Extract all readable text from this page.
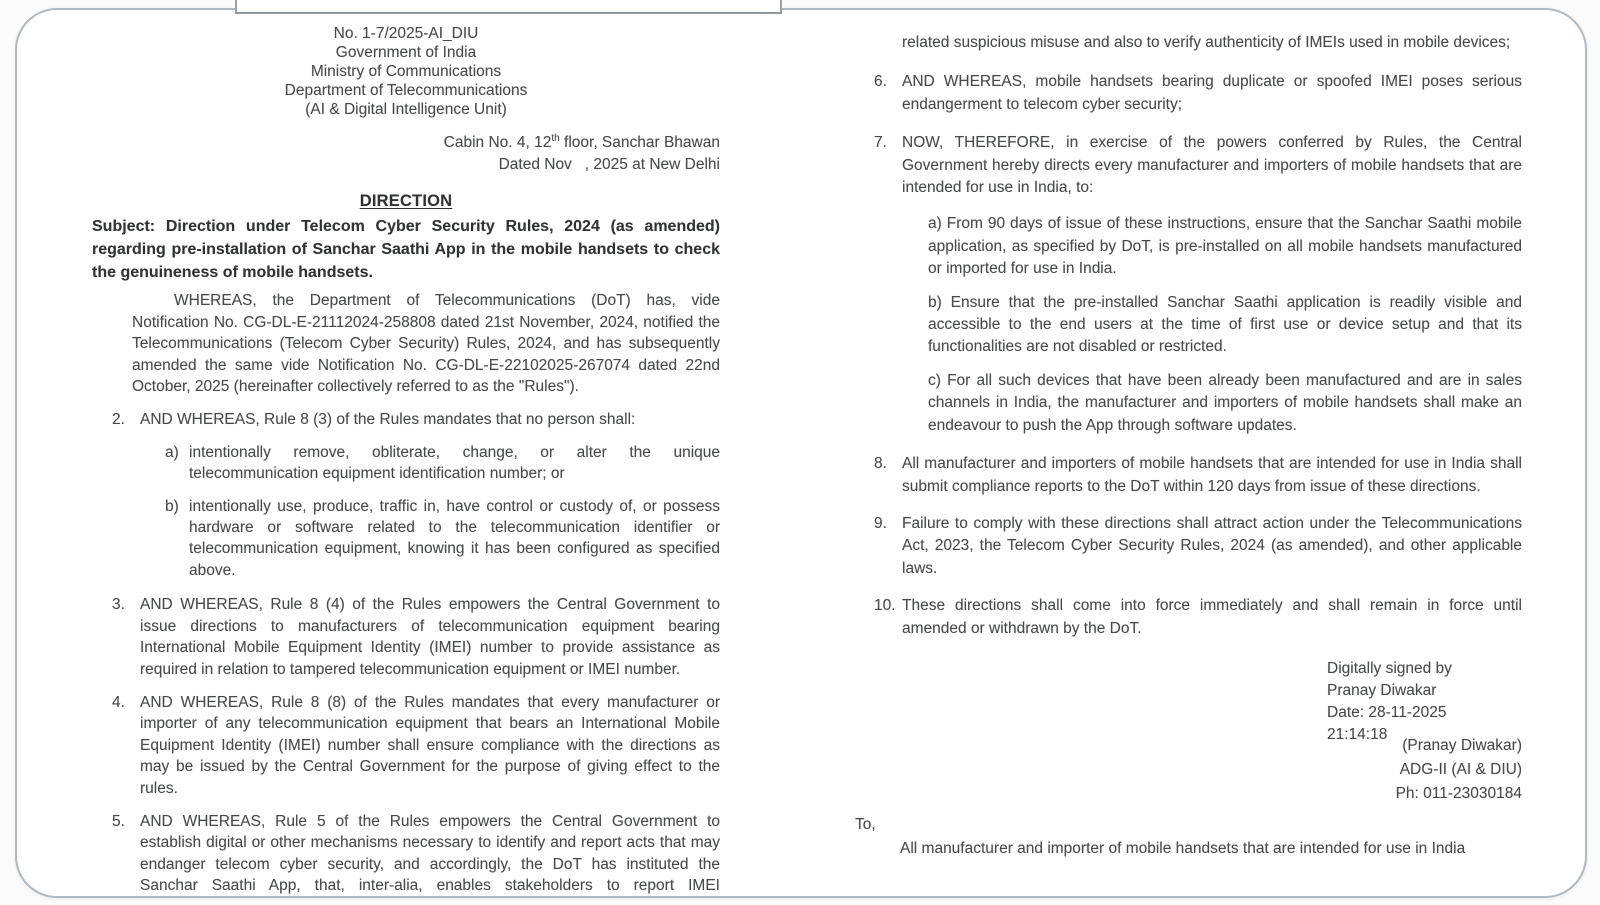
No. 1-7/2025-AI_DIU
Government of India
Ministry of Communications
Department of Telecommunications
(AI & Digital Intelligence Unit)
Cabin No. 4, 12th floor, Sanchar Bhawan
Dated Nov   , 2025 at New Delhi
DIRECTION
Subject: Direction under Telecom Cyber Security Rules, 2024 (as amended) regarding pre-installation of Sanchar Saathi App in the mobile handsets to check the genuineness of mobile handsets.
WHEREAS, the Department of Telecommunications (DoT) has, vide Notification No. CG-DL-E-21112024-258808 dated 21st November, 2024, notified the Telecommunications (Telecom Cyber Security) Rules, 2024, and has subsequently amended the same vide Notification No. CG-DL-E-22102025-267074 dated 22nd October, 2025 (hereinafter collectively referred to as the "Rules").
2. AND WHEREAS, Rule 8 (3) of the Rules mandates that no person shall:
a) intentionally remove, obliterate, change, or alter the unique telecommunication equipment identification number; or
b) intentionally use, produce, traffic in, have control or custody of, or possess hardware or software related to the telecommunication identifier or telecommunication equipment, knowing it has been configured as specified above.
3. AND WHEREAS, Rule 8 (4) of the Rules empowers the Central Government to issue directions to manufacturers of telecommunication equipment bearing International Mobile Equipment Identity (IMEI) number to provide assistance as required in relation to tampered telecommunication equipment or IMEI number.
4. AND WHEREAS, Rule 8 (8) of the Rules mandates that every manufacturer or importer of any telecommunication equipment that bears an International Mobile Equipment Identity (IMEI) number shall ensure compliance with the directions as may be issued by the Central Government for the purpose of giving effect to the rules.
5. AND WHEREAS, Rule 5 of the Rules empowers the Central Government to establish digital or other mechanisms necessary to identify and report acts that may endanger telecom cyber security, and accordingly, the DoT has instituted the Sanchar Saathi App, that, inter-alia, enables stakeholders to report IMEI
related suspicious misuse and also to verify authenticity of IMEIs used in mobile devices;
6. AND WHEREAS, mobile handsets bearing duplicate or spoofed IMEI poses serious endangerment to telecom cyber security;
7. NOW, THEREFORE, in exercise of the powers conferred by Rules, the Central Government hereby directs every manufacturer and importers of mobile handsets that are intended for use in India, to:
a) From 90 days of issue of these instructions, ensure that the Sanchar Saathi mobile application, as specified by DoT, is pre-installed on all mobile handsets manufactured or imported for use in India.
b) Ensure that the pre-installed Sanchar Saathi application is readily visible and accessible to the end users at the time of first use or device setup and that its functionalities are not disabled or restricted.
c) For all such devices that have been already been manufactured and are in sales channels in India, the manufacturer and importers of mobile handsets shall make an endeavour to push the App through software updates.
8. All manufacturer and importers of mobile handsets that are intended for use in India shall submit compliance reports to the DoT within 120 days from issue of these directions.
9. Failure to comply with these directions shall attract action under the Telecommunications Act, 2023, the Telecom Cyber Security Rules, 2024 (as amended), and other applicable laws.
10. These directions shall come into force immediately and shall remain in force until amended or withdrawn by the DoT.
Digitally signed by
Pranay Diwakar
Date: 28-11-2025
21:14:18
(Pranay Diwakar)
ADG-II (AI & DIU)
Ph: 011-23030184
To,
All manufacturer and importer of mobile handsets that are intended for use in India
